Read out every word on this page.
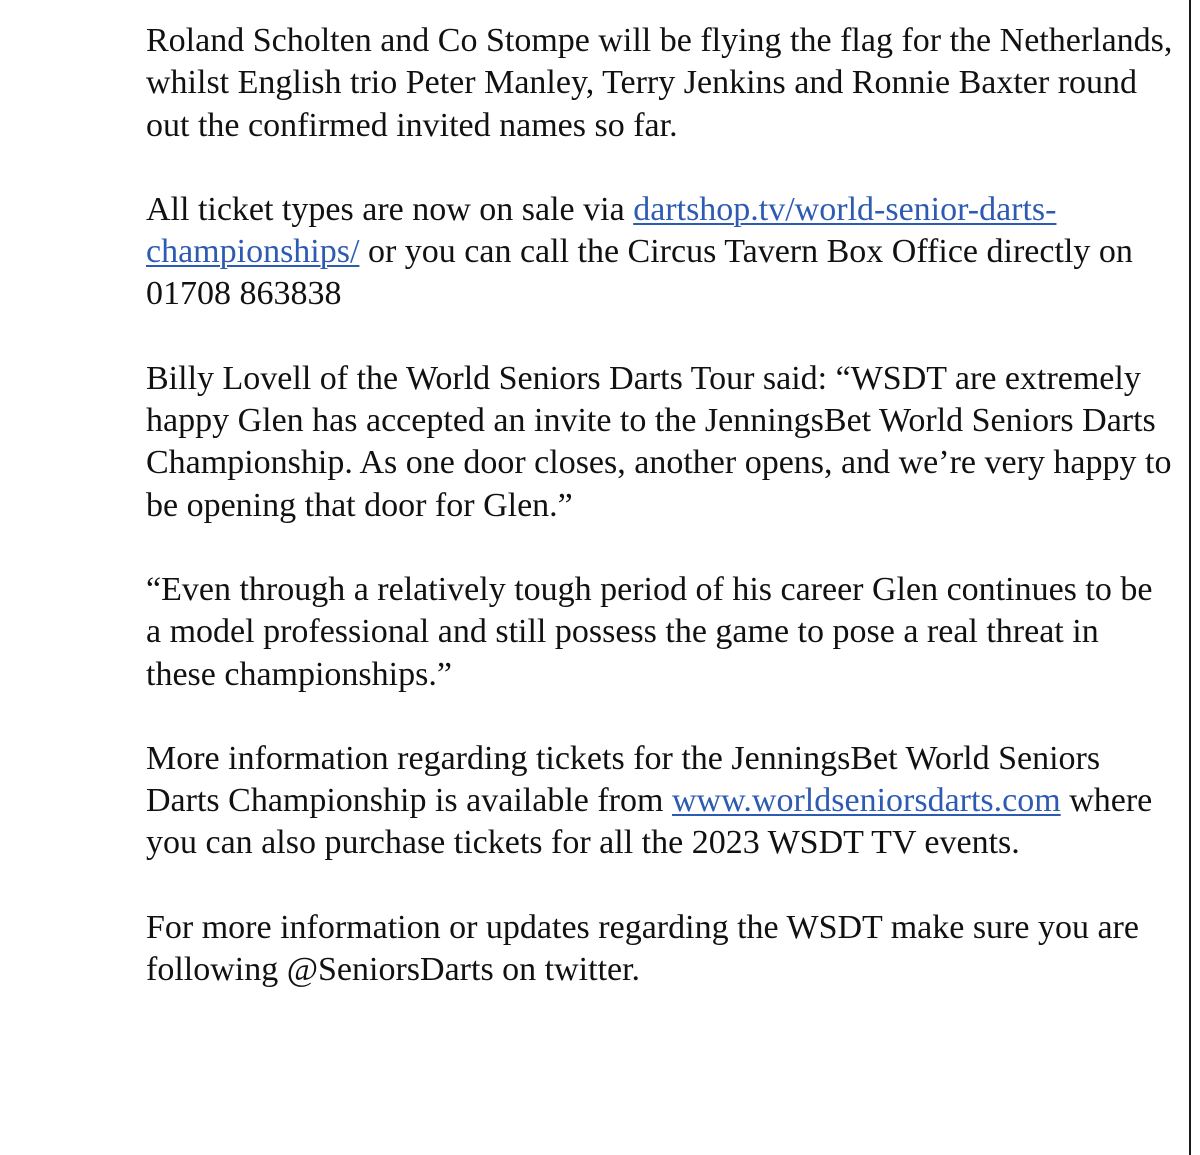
Roland Scholten and Co Stompe will be flying the flag for the Netherlands, whilst English trio Peter Manley, Terry Jenkins and Ronnie Baxter round out the confirmed invited names so far.

All ticket types are now on sale via dartshop.tv/world-senior-darts-championships/ or you can call the Circus Tavern Box Office directly on 01708 863838

Billy Lovell of the World Seniors Darts Tour said: “WSDT are extremely happy Glen has accepted an invite to the JenningsBet World Seniors Darts Championship. As one door closes, another opens, and we’re very happy to be opening that door for Glen.”

“Even through a relatively tough period of his career Glen continues to be a model professional and still possess the game to pose a real threat in these championships.”

More information regarding tickets for the JenningsBet World Seniors Darts Championship is available from www.worldseniorsdarts.com where you can also purchase tickets for all the 2023 WSDT TV events.

For more information or updates regarding the WSDT make sure you are following @SeniorsDarts on twitter.
